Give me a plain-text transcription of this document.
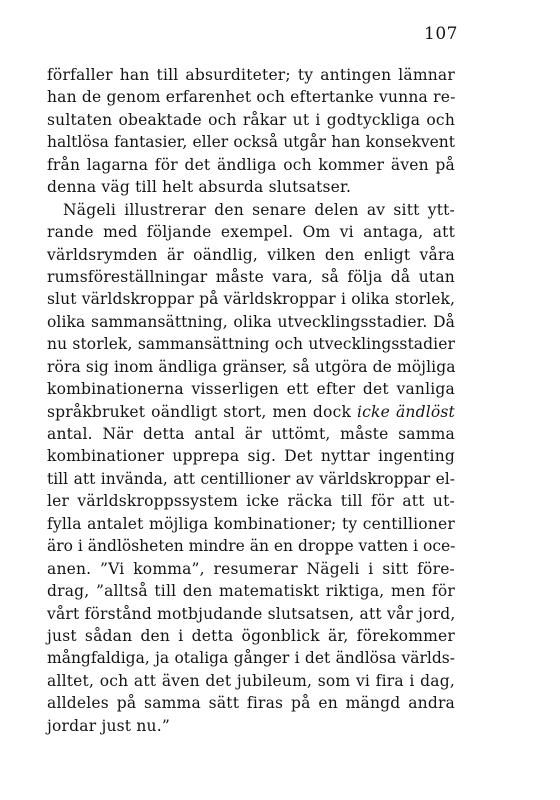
107

förfaller han till absurditeter; ty antingen lämnar
han de genom erfarenhet och eftertanke vunna re-
sultaten obeaktade och råkar ut i godtyckliga och
haltlösa fantasier, eller också utgår han konsekvent
från lagarna för det ändliga och kommer även på
denna väg till helt absurda slutsatser.
Nägeli illustrerar den senare delen av sitt ytt-
rande med följande exempel. Om vi antaga, att
världsrymden är oändlig, vilken den enligt våra
rumsföreställningar måste vara, så följa då utan
slut världskroppar på världskroppar i olika storlek,
olika sammansättning, olika utvecklingsstadier. Då
nu storlek, sammansättning och utvecklingsstadier
röra sig inom ändliga gränser, så utgöra de möjliga
kombinationerna visserligen ett efter det vanliga
språkbruket oändligt stort, men dock icke ändlöst
antal. När detta antal är uttömt, måste samma
kombinationer upprepa sig. Det nyttar ingenting
till att invända, att centillioner av världskroppar el-
ler världskroppssystem icke räcka till för att ut-
fylla antalet möjliga kombinationer; ty centillioner
äro i ändlösheten mindre än en droppe vatten i oce-
anen. ”Vi komma”, resumerar Nägeli i sitt före-
drag, ”alltså till den matematiskt riktiga, men för
vårt förstånd motbjudande slutsatsen, att vår jord,
just sådan den i detta ögonblick är, förekommer
mångfaldiga, ja otaliga gånger i det ändlösa världs-
alltet, och att även det jubileum, som vi fira i dag,
alldeles på samma sätt firas på en mängd andra
jordar just nu.”
